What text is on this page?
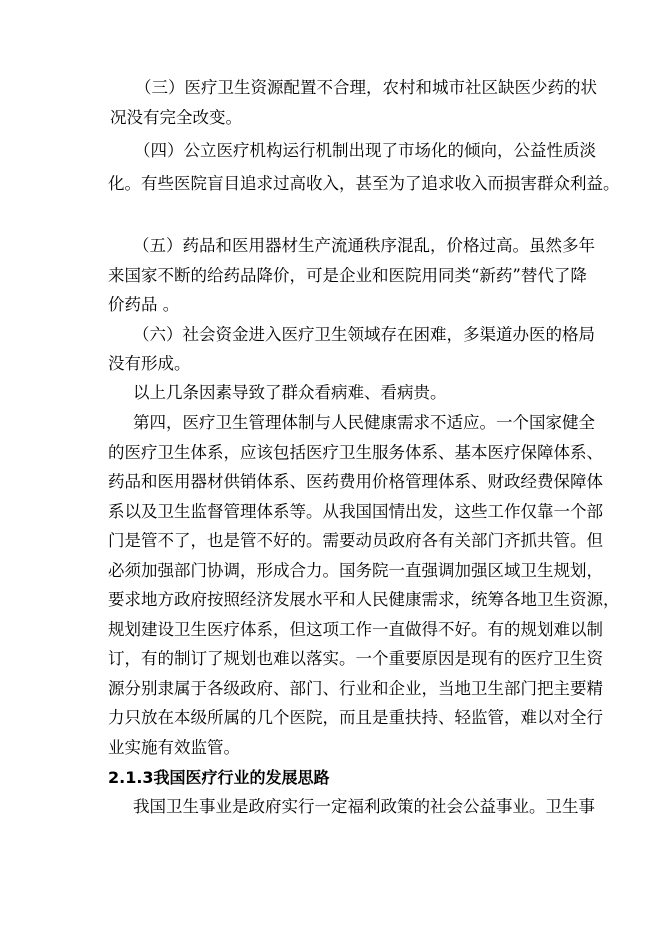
（三）医疗卫生资源配置不合理，农村和城市社区缺医少药的状
况没有完全改变。
（四）公立医疗机构运行机制出现了市场化的倾向，公益性质淡
化。有些医院盲目追求过高收入，甚至为了追求收入而损害群众利益。
（五）药品和医用器材生产流通秩序混乱，价格过高。虽然多年
来国家不断的给药品降价，可是企业和医院用同类“新药”替代了降
价药品 。
（六）社会资金进入医疗卫生领域存在困难，多渠道办医的格局
没有形成。
以上几条因素导致了群众看病难、看病贵。
第四，医疗卫生管理体制与人民健康需求不适应。一个国家健全
的医疗卫生体系，应该包括医疗卫生服务体系、基本医疗保障体系、
药品和医用器材供销体系、医药费用价格管理体系、财政经费保障体
系以及卫生监督管理体系等。从我国国情出发，这些工作仅靠一个部
门是管不了，也是管不好的。需要动员政府各有关部门齐抓共管。但
必须加强部门协调，形成合力。国务院一直强调加强区域卫生规划，
要求地方政府按照经济发展水平和人民健康需求，统筹各地卫生资源，
规划建设卫生医疗体系，但这项工作一直做得不好。有的规划难以制
订，有的制订了规划也难以落实。一个重要原因是现有的医疗卫生资
源分别隶属于各级政府、部门、行业和企业，当地卫生部门把主要精
力只放在本级所属的几个医院，而且是重扶持、轻监管，难以对全行
业实施有效监管。
2.1.3我国医疗行业的发展思路
我国卫生事业是政府实行一定福利政策的社会公益事业。卫生事
